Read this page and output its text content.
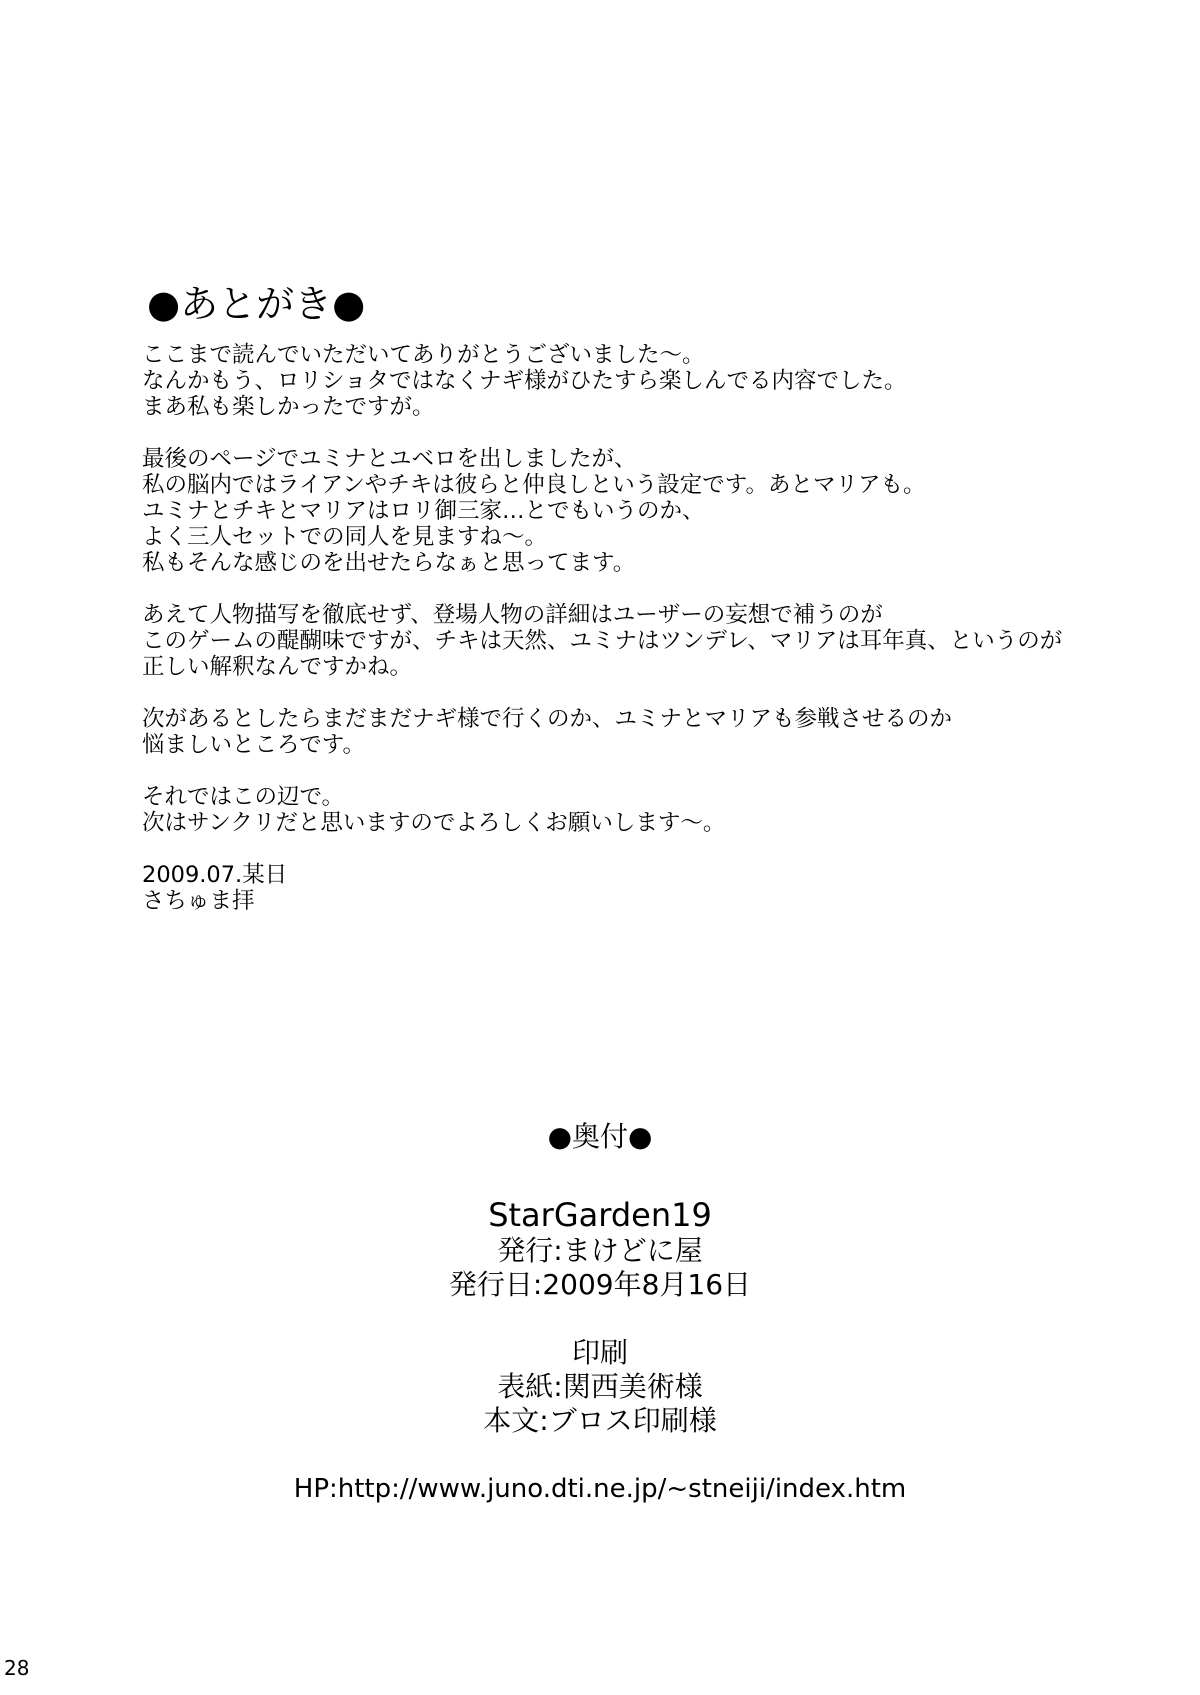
●あとがき●

ここまで読んでいただいてありがとうございました～。
なんかもう、ロリショタではなくナギ様がひたすら楽しんでる内容でした。
まあ私も楽しかったですが。

最後のページでユミナとユベロを出しましたが、
私の脳内ではライアンやチキは彼らと仲良しという設定です。あとマリアも。
ユミナとチキとマリアはロリ御三家…とでもいうのか、
よく三人セットでの同人を見ますね～。
私もそんな感じのを出せたらなぁと思ってます。

あえて人物描写を徹底せず、登場人物の詳細はユーザーの妄想で補うのが
このゲームの醍醐味ですが、チキは天然、ユミナはツンデレ、マリアは耳年真、というのが
正しい解釈なんですかね。

次があるとしたらまだまだナギ様で行くのか、ユミナとマリアも参戦させるのか
悩ましいところです。

それではこの辺で。
次はサンクリだと思いますのでよろしくお願いします～。

2009.07.某日
さちゅま拝

●奥付●
StarGarden19
発行:まけどに屋
発行日:2009年8月16日
印刷
表紙:関西美術様
本文:ブロス印刷様
HP:http://www.juno.dti.ne.jp/~stneiji/index.htm
28
